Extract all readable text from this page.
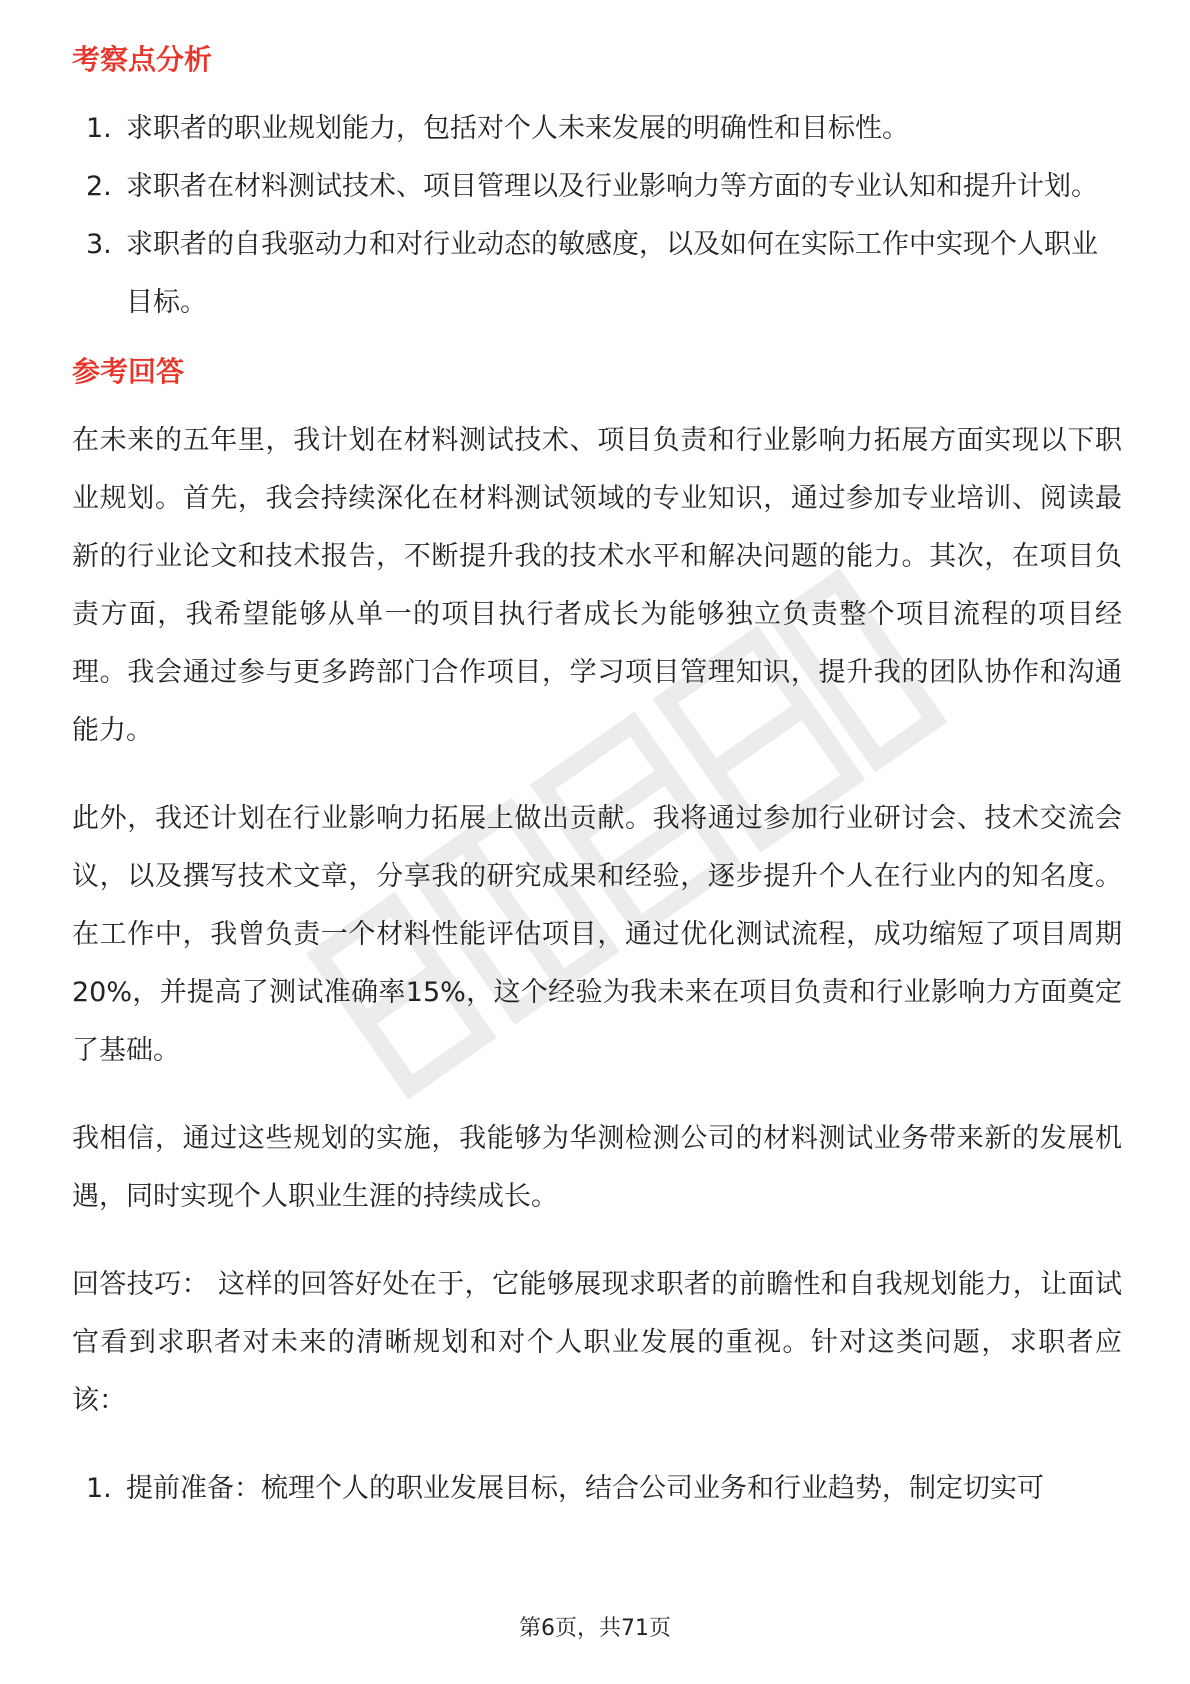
考察点分析
1. 求职者的职业规划能力，包括对个人未来发展的明确性和目标性。
2. 求职者在材料测试技术、项目管理以及行业影响力等方面的专业认知和提升计划。
3. 求职者的自我驱动力和对行业动态的敏感度，以及如何在实际工作中实现个人职业目标。
参考回答

在未来的五年里，我计划在材料测试技术、项目负责和行业影响力拓展方面实现以下职业规划。首先，我会持续深化在材料测试领域的专业知识，通过参加专业培训、阅读最新的行业论文和技术报告，不断提升我的技术水平和解决问题的能力。其次，在项目负责方面，我希望能够从单一的项目执行者成长为能够独立负责整个项目流程的项目经理。我会通过参与更多跨部门合作项目，学习项目管理知识，提升我的团队协作和沟通能力。

此外，我还计划在行业影响力拓展上做出贡献。我将通过参加行业研讨会、技术交流会议，以及撰写技术文章，分享我的研究成果和经验，逐步提升个人在行业内的知名度。在工作中，我曾负责一个材料性能评估项目，通过优化测试流程，成功缩短了项目周期20%，并提高了测试准确率15%，这个经验为我未来在项目负责和行业影响力方面奠定了基础。

我相信，通过这些规划的实施，我能够为华测检测公司的材料测试业务带来新的发展机遇，同时实现个人职业生涯的持续成长。

回答技巧： 这样的回答好处在于，它能够展现求职者的前瞻性和自我规划能力，让面试官看到求职者对未来的清晰规划和对个人职业发展的重视。针对这类问题，求职者应该：

1. 提前准备：梳理个人的职业发展目标，结合公司业务和行业趋势，制定切实可
第6页，共71页
